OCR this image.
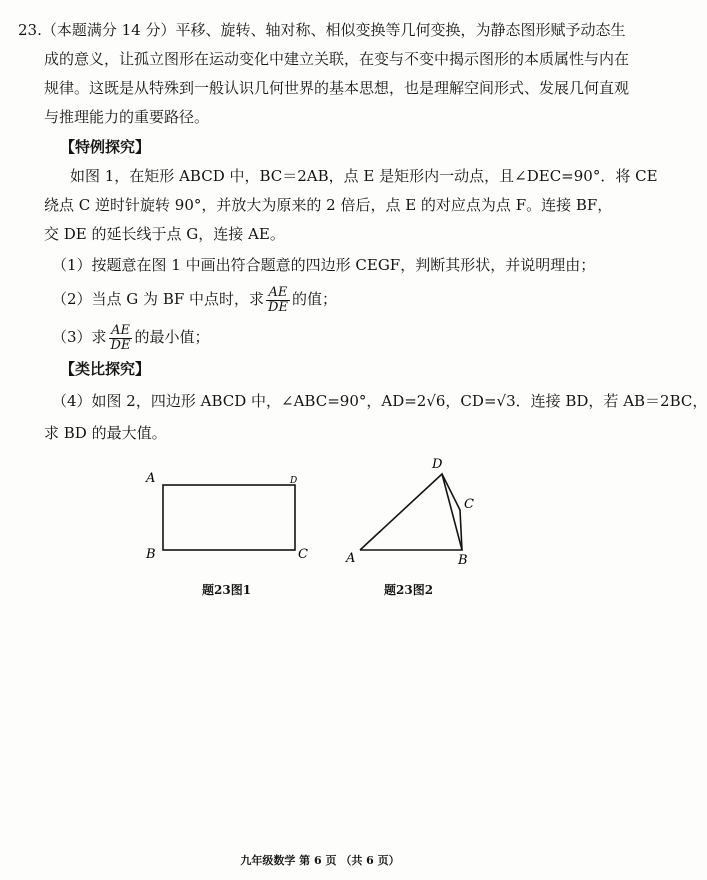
23.（本题满分 14 分）平移、旋转、轴对称、相似变换等几何变换，为静态图形赋予动态生
成的意义，让孤立图形在运动变化中建立关联，在变与不变中揭示图形的本质属性与内在
规律。这既是从特殊到一般认识几何世界的基本思想，也是理解空间形式、发展几何直观
与推理能力的重要路径。
【特例探究】
如图 1，在矩形 ABCD 中，BC＝2AB，点 E 是矩形内一动点，且∠DEC=90°．将 CE
绕点 C 逆时针旋转 90°，并放大为原来的 2 倍后，点 E 的对应点为点 F。连接 BF，
交 DE 的延长线于点 G，连接 AE。
（1）按题意在图 1 中画出符合题意的四边形 CEGF，判断其形状，并说明理由；
（2）当点 G 为 BF 中点时，求 $\frac{AE}{DE}$ 的值；
（3）求 $\frac{AE}{DE}$ 的最小值；
【类比探究】
（4）如图 2，四边形 ABCD 中，∠ABC=90°，AD=2√6，CD=√3．连接 BD，若 AB＝2BC，
求 BD 的最大值。
A	D
B	C
题23图1
D
C
A	B
题23图2
九年级数学 第 6 页 （共 6 页）
